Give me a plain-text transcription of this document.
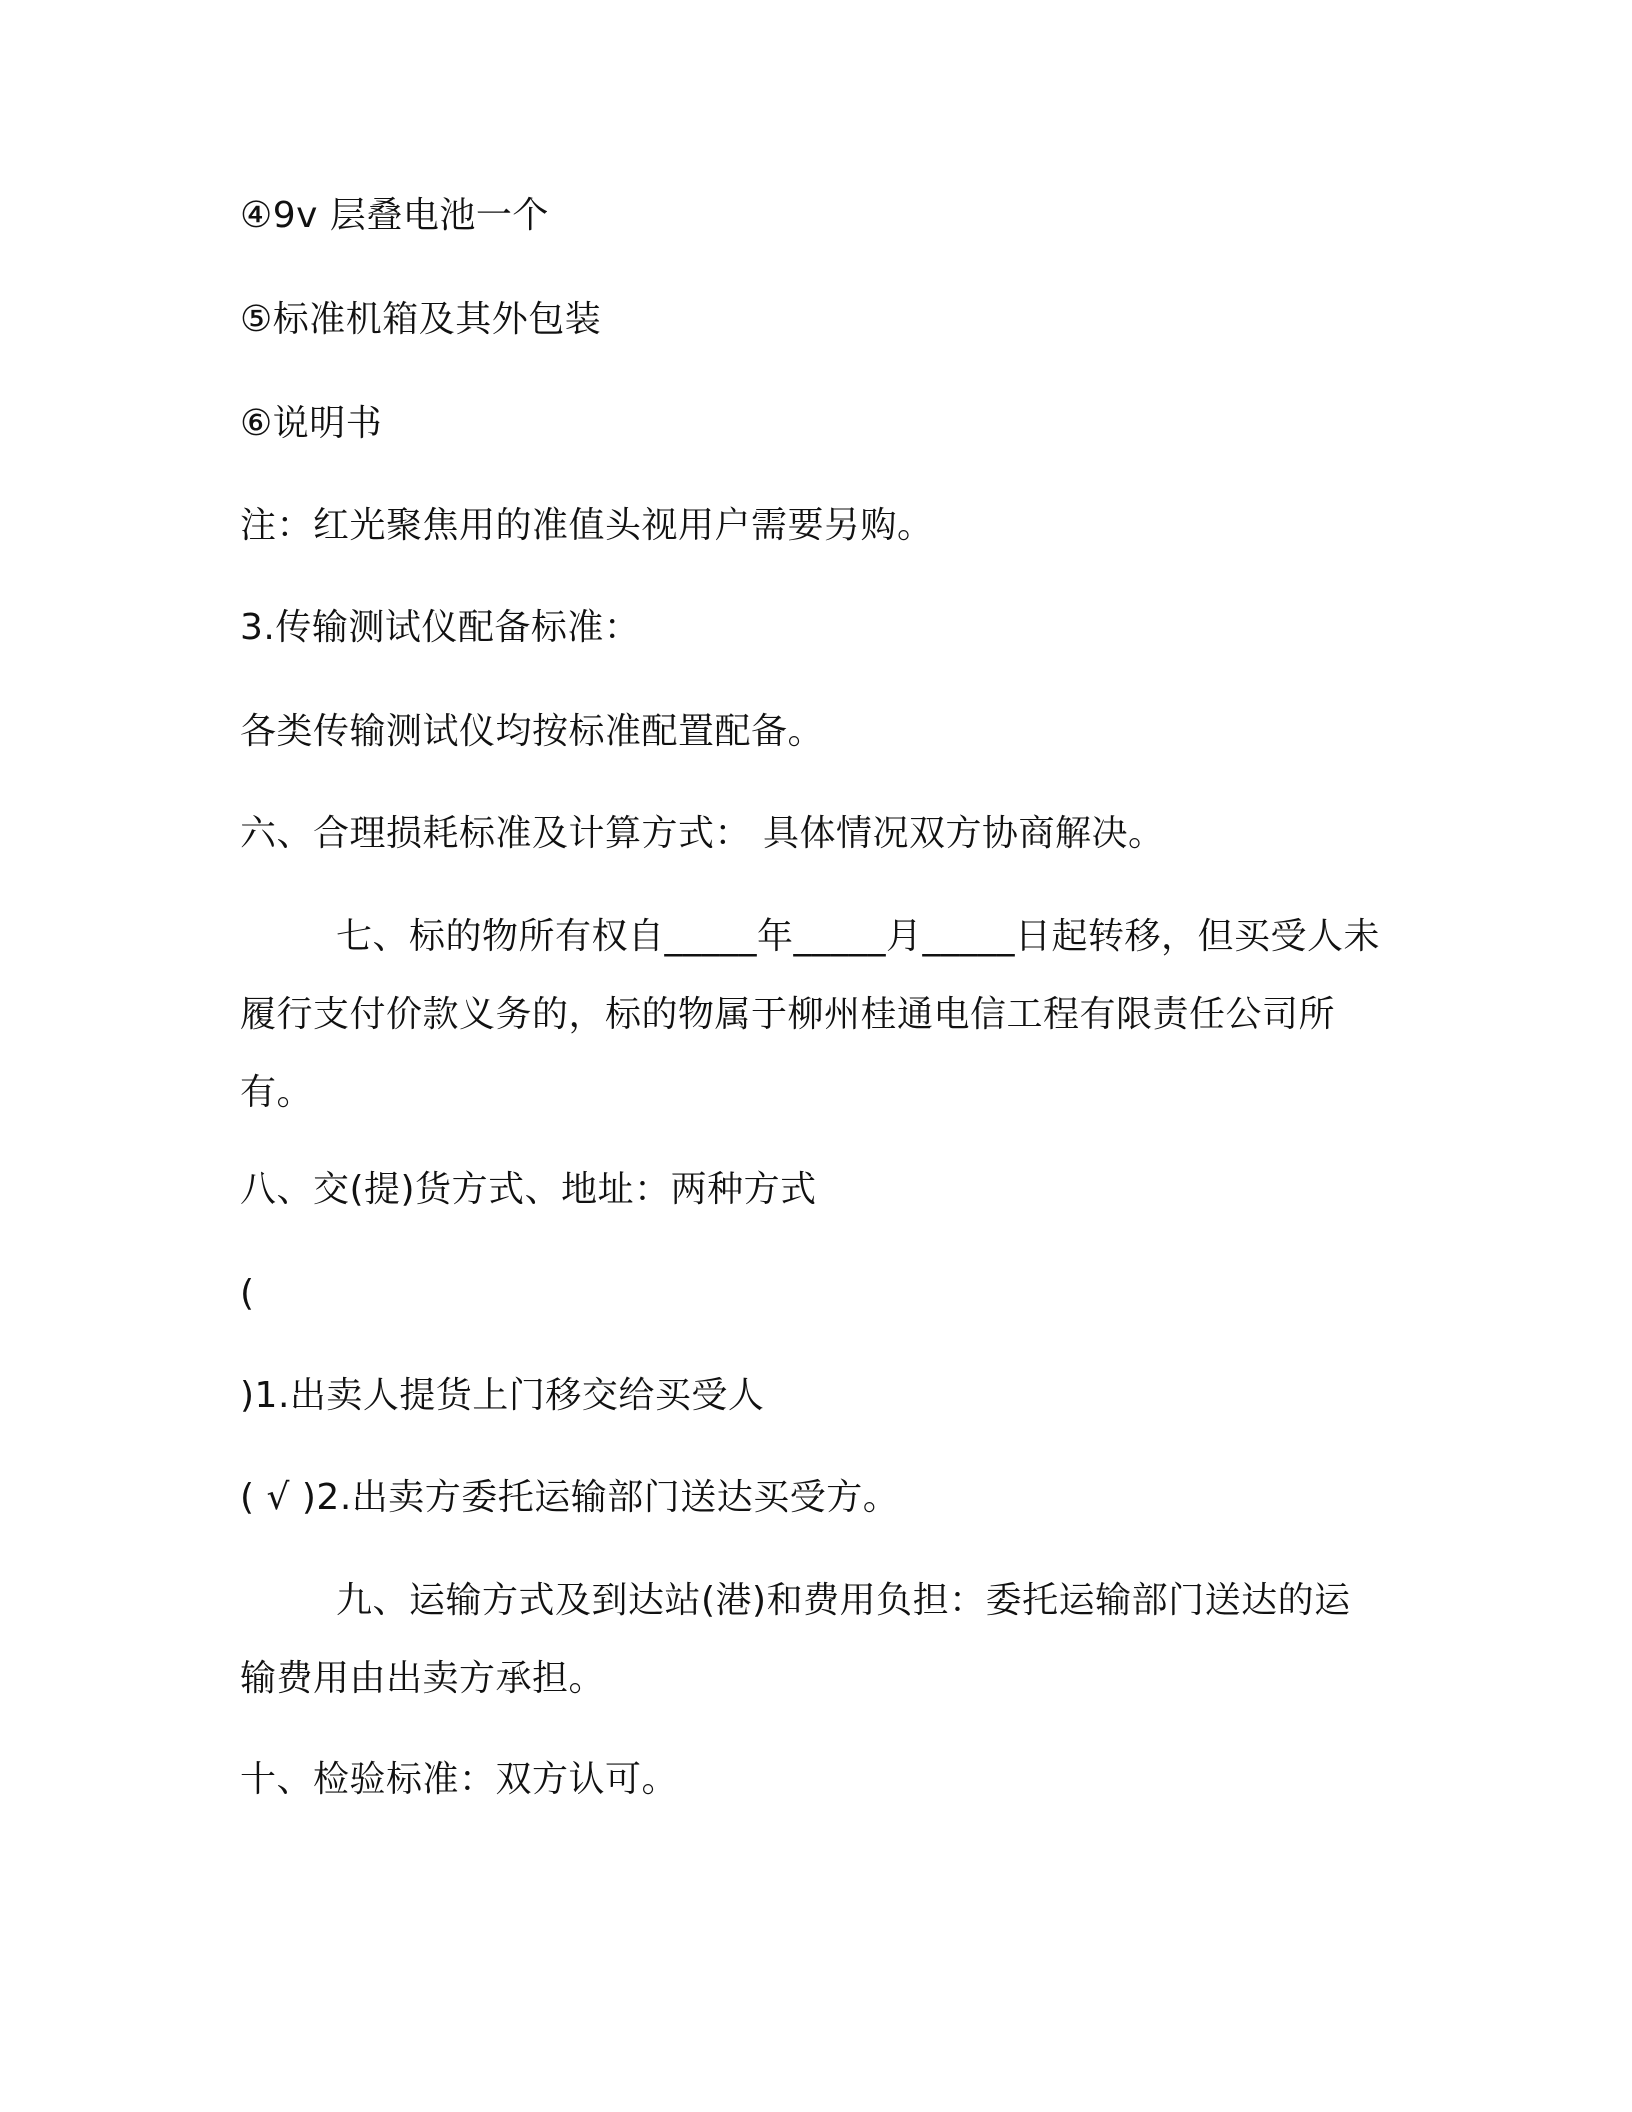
④9v 层叠电池一个
⑤标准机箱及其外包装
⑥说明书
注：红光聚焦用的准值头视用户需要另购。
3.传输测试仪配备标准：
各类传输测试仪均按标准配置配备。
六、合理损耗标准及计算方式： 具体情况双方协商解决。
七、标的物所有权自_____年_____月_____日起转移，但买受人未履行支付价款义务的，标的物属于柳州桂通电信工程有限责任公司所有。
八、交(提)货方式、地址：两种方式
(
)1.出卖人提货上门移交给买受人
( √ )2.出卖方委托运输部门送达买受方。
九、运输方式及到达站(港)和费用负担：委托运输部门送达的运输费用由出卖方承担。
十、检验标准：双方认可。
